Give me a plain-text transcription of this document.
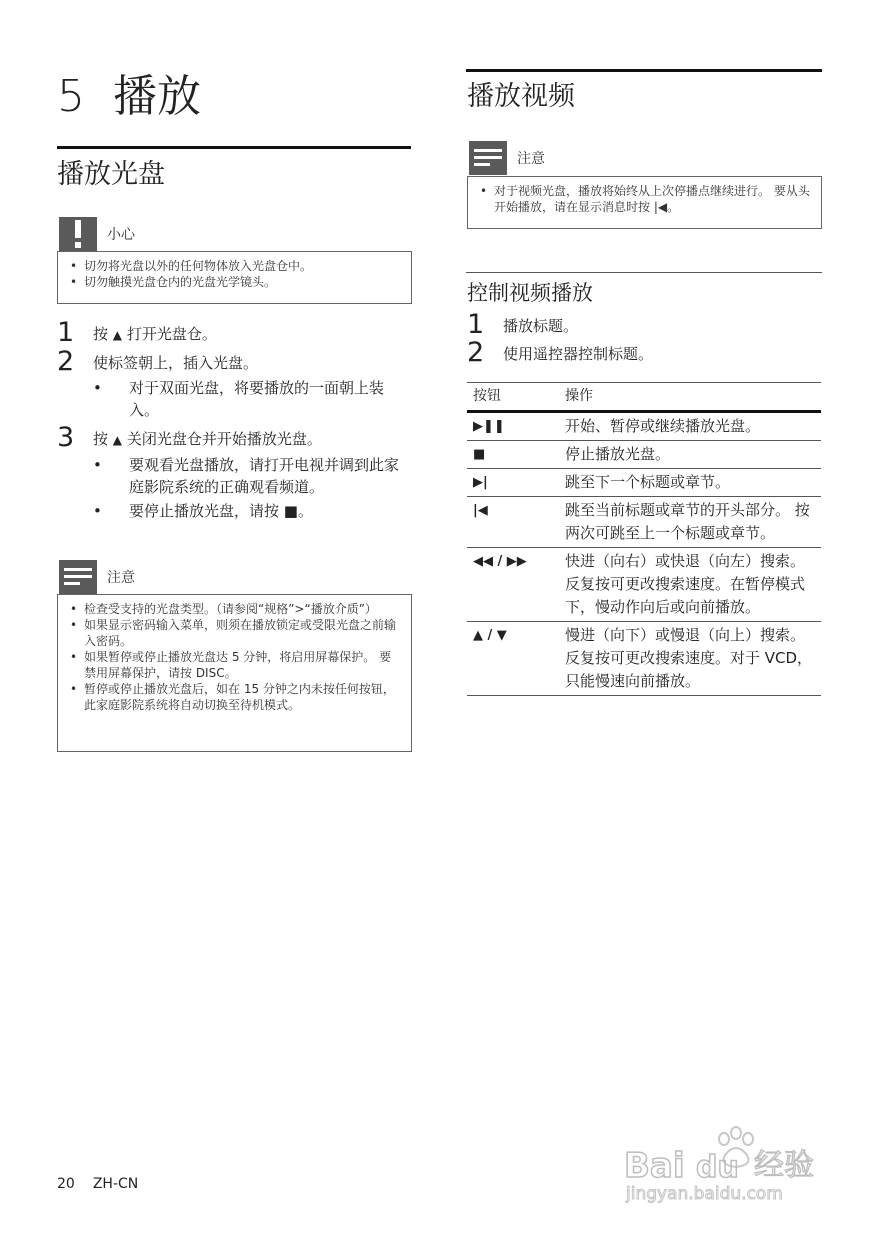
5 播放
播放光盘
小心
• 切勿将光盘以外的任何物体放入光盘仓中。
• 切勿触摸光盘仓内的光盘光学镜头。
1 按 ▲ 打开光盘仓。
2 使标签朝上，插入光盘。
• 对于双面光盘，将要播放的一面朝上装入。
3 按 ▲ 关闭光盘仓并开始播放光盘。
• 要观看光盘播放，请打开电视并调到此家庭影院系统的正确观看频道。
• 要停止播放光盘，请按 ■。
注意
• 检查受支持的光盘类型。（请参阅“规格”>“播放介质”）
• 如果显示密码输入菜单，则须在播放锁定或受限光盘之前输入密码。
• 如果暂停或停止播放光盘达 5 分钟，将启用屏幕保护。 要禁用屏幕保护，请按 DISC。
• 暂停或停止播放光盘后，如在 15 分钟之内未按任何按钮，此家庭影院系统将自动切换至待机模式。
播放视频
注意
• 对于视频光盘，播放将始终从上次停播点继续进行。 要从头开始播放，请在显示消息时按 |◀。
控制视频播放
1 播放标题。
2 使用遥控器控制标题。
按钮	操作
▶❚❚	开始、暂停或继续播放光盘。
■	停止播放光盘。
▶|	跳至下一个标题或章节。
|◀	跳至当前标题或章节的开头部分。 按两次可跳至上一个标题或章节。
◀◀ / ▶▶	快进（向右）或快退（向左）搜索。 反复按可更改搜索速度。在暂停模式下，慢动作向后或向前播放。
▲ / ▼	慢进（向下）或慢退（向上）搜索。 反复按可更改搜索速度。对于 VCD，只能慢速向前播放。
20 ZH-CN	Bai du 经验
jingyan.baidu.com
